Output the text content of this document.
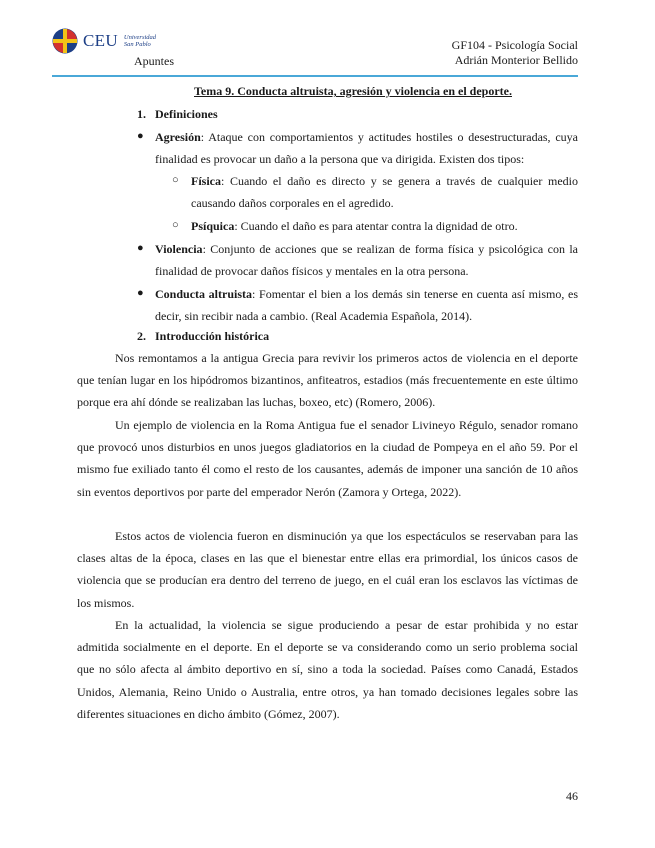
CEU Universidad
San Pablo
Apuntes
GF104 - Psicología Social
Adrián Monterior Bellido
Tema 9. Conducta altruista, agresión y violencia en el deporte.
1. Definiciones
● Agresión: Ataque con comportamientos y actitudes hostiles o desestructuradas, cuya finalidad es provocar un daño a la persona que va dirigida. Existen dos tipos:
○ Física: Cuando el daño es directo y se genera a través de cualquier medio causando daños corporales en el agredido.
○ Psíquica: Cuando el daño es para atentar contra la dignidad de otro.
● Violencia: Conjunto de acciones que se realizan de forma física y psicológica con la finalidad de provocar daños físicos y mentales en la otra persona.
● Conducta altruista: Fomentar el bien a los demás sin tenerse en cuenta así mismo, es decir, sin recibir nada a cambio. (Real Academia Española, 2014).
2. Introducción histórica
Nos remontamos a la antigua Grecia para revivir los primeros actos de violencia en el deporte que tenían lugar en los hipódromos bizantinos, anfiteatros, estadios (más frecuentemente en este último porque era ahí dónde se realizaban las luchas, boxeo, etc) (Romero, 2006).
Un ejemplo de violencia en la Roma Antigua fue el senador Livineyo Régulo, senador romano que provocó unos disturbios en unos juegos gladiatorios en la ciudad de Pompeya en el año 59. Por el mismo fue exiliado tanto él como el resto de los causantes, además de imponer una sanción de 10 años sin eventos deportivos por parte del emperador Nerón (Zamora y Ortega, 2022).
Estos actos de violencia fueron en disminución ya que los espectáculos se reservaban para las clases altas de la época, clases en las que el bienestar entre ellas era primordial, los únicos casos de violencia que se producían era dentro del terreno de juego, en el cuál eran los esclavos las víctimas de los mismos.
En la actualidad, la violencia se sigue produciendo a pesar de estar prohibida y no estar admitida socialmente en el deporte. En el deporte se va considerando como un serio problema social que no sólo afecta al ámbito deportivo en sí, sino a toda la sociedad. Países como Canadá, Estados Unidos, Alemania, Reino Unido o Australia, entre otros, ya han tomado decisiones legales sobre las diferentes situaciones en dicho ámbito (Gómez, 2007).
46
